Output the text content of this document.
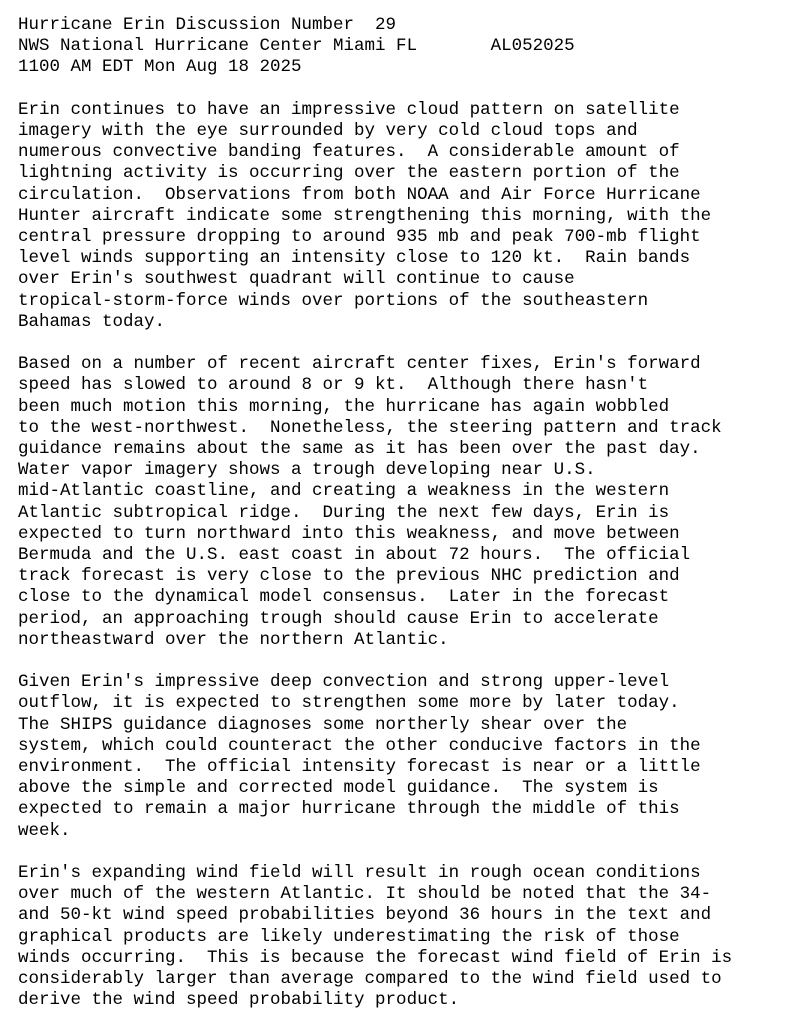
Hurricane Erin Discussion Number  29
NWS National Hurricane Center Miami FL       AL052025
1100 AM EDT Mon Aug 18 2025
Erin continues to have an impressive cloud pattern on satellite
imagery with the eye surrounded by very cold cloud tops and
numerous convective banding features.  A considerable amount of
lightning activity is occurring over the eastern portion of the
circulation.  Observations from both NOAA and Air Force Hurricane
Hunter aircraft indicate some strengthening this morning, with the
central pressure dropping to around 935 mb and peak 700-mb flight
level winds supporting an intensity close to 120 kt.  Rain bands
over Erin's southwest quadrant will continue to cause
tropical-storm-force winds over portions of the southeastern
Bahamas today.
Based on a number of recent aircraft center fixes, Erin's forward
speed has slowed to around 8 or 9 kt.  Although there hasn't
been much motion this morning, the hurricane has again wobbled
to the west-northwest.  Nonetheless, the steering pattern and track
guidance remains about the same as it has been over the past day.
Water vapor imagery shows a trough developing near U.S.
mid-Atlantic coastline, and creating a weakness in the western
Atlantic subtropical ridge.  During the next few days, Erin is
expected to turn northward into this weakness, and move between
Bermuda and the U.S. east coast in about 72 hours.  The official
track forecast is very close to the previous NHC prediction and
close to the dynamical model consensus.  Later in the forecast
period, an approaching trough should cause Erin to accelerate
northeastward over the northern Atlantic.
Given Erin's impressive deep convection and strong upper-level
outflow, it is expected to strengthen some more by later today.
The SHIPS guidance diagnoses some northerly shear over the
system, which could counteract the other conducive factors in the
environment.  The official intensity forecast is near or a little
above the simple and corrected model guidance.  The system is
expected to remain a major hurricane through the middle of this
week.
Erin's expanding wind field will result in rough ocean conditions
over much of the western Atlantic. It should be noted that the 34-
and 50-kt wind speed probabilities beyond 36 hours in the text and
graphical products are likely underestimating the risk of those
winds occurring.  This is because the forecast wind field of Erin is
considerably larger than average compared to the wind field used to
derive the wind speed probability product.
